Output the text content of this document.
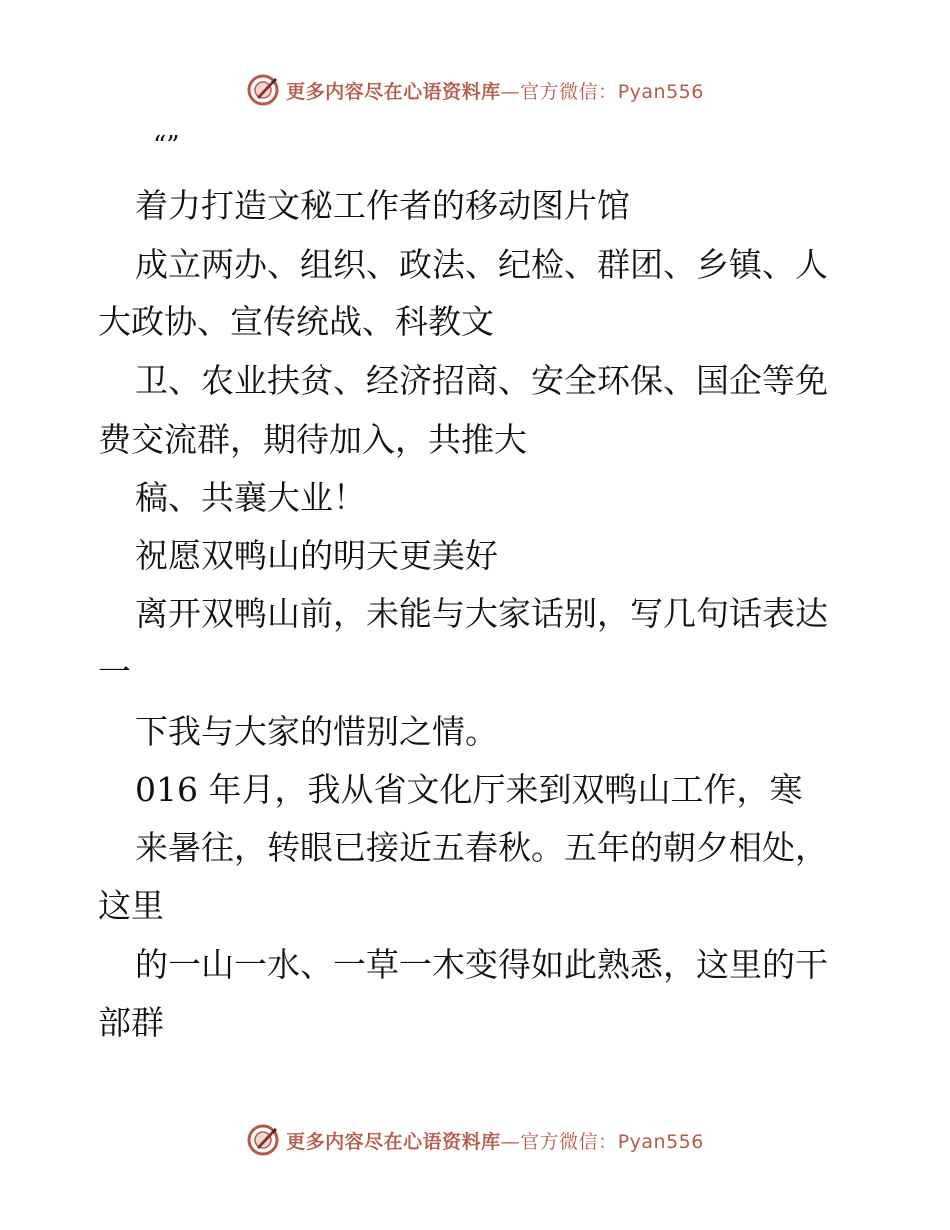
更多内容尽在心语资料库—官方微信：Pyan556
“”
着力打造文秘工作者的移动图片馆
成立两办、组织、政法、纪检、群团、乡镇、人
大政协、宣传统战、科教文
卫、农业扶贫、经济招商、安全环保、国企等免
费交流群，期待加入，共推大
稿、共襄大业！
祝愿双鸭山的明天更美好
离开双鸭山前，未能与大家话别，写几句话表达
一
下我与大家的惜别之情。
016 年月，我从省文化厅来到双鸭山工作，寒
来暑往，转眼已接近五春秋。五年的朝夕相处，
这里
的一山一水、一草一木变得如此熟悉，这里的干
部群
更多内容尽在心语资料库—官方微信：Pyan556
